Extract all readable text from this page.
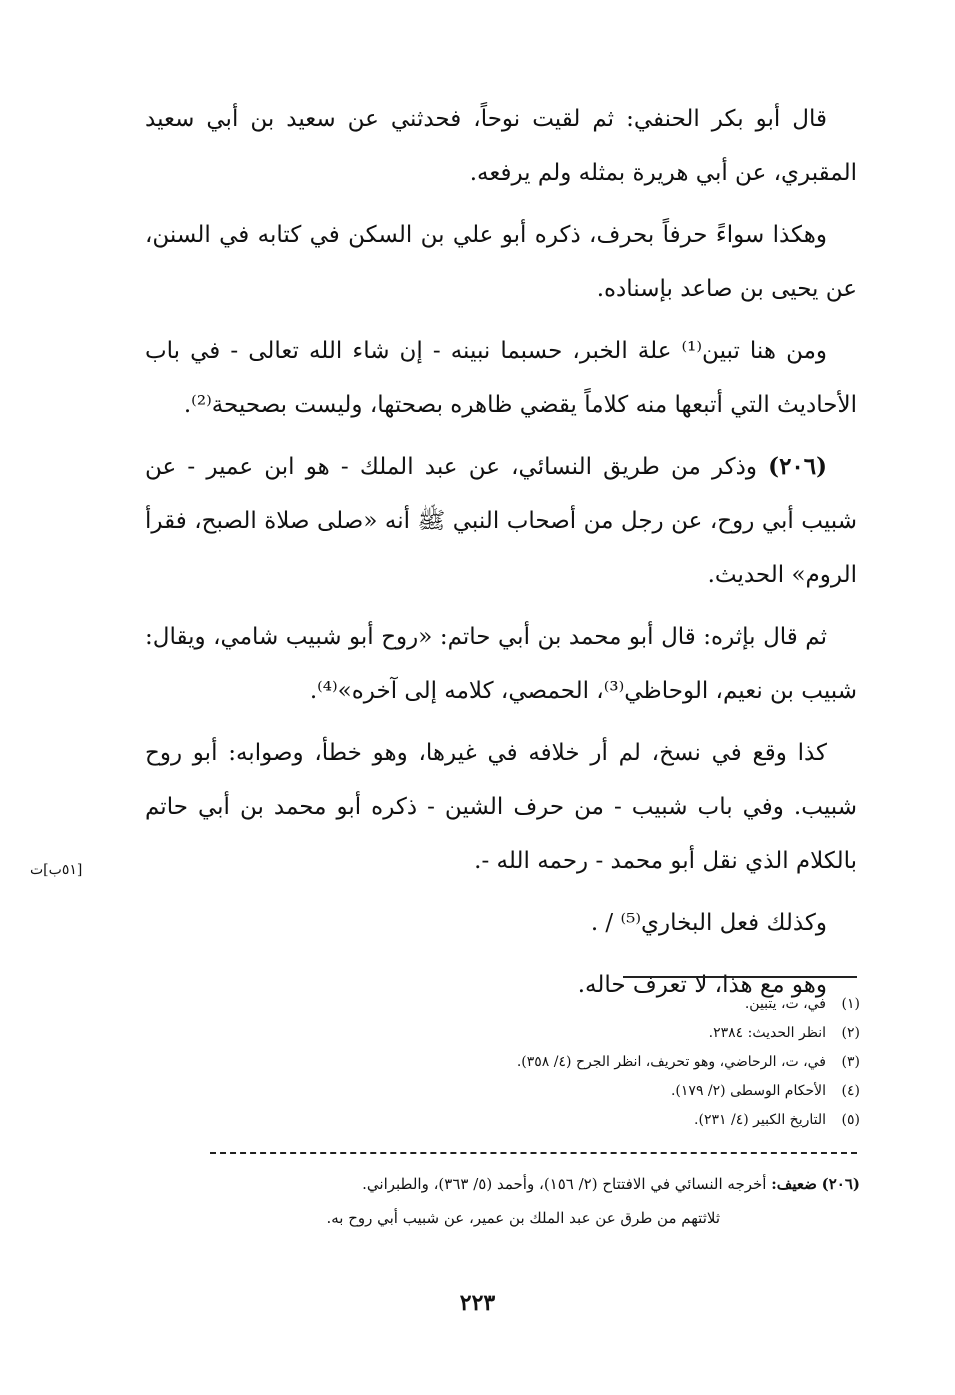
قال أبو بكر الحنفي: ثم لقيت نوحاً، فحدثني عن سعيد بن أبي سعيد المقبري، عن أبي هريرة بمثله ولم يرفعه.

وهكذا سواءً حرفاً بحرف، ذكره أبو علي بن السكن في كتابه في السنن، عن يحيى بن صاعد بإسناده.

ومن هنا تبين⁽¹⁾ علة الخبر، حسبما نبينه - إن شاء الله تعالى - في باب الأحاديث التي أتبعها منه كلاماً يقضي ظاهره بصحتها، وليست بصحيحة⁽²⁾.

(٢٠٦) وذكر من طريق النسائي، عن عبد الملك - هو ابن عمير - عن شبيب أبي روح، عن رجل من أصحاب النبي ﷺ أنه «صلى صلاة الصبح، فقرأ الروم» الحديث.

ثم قال بإثره: قال أبو محمد بن أبي حاتم: «روح أبو شبيب شامي، ويقال: شبيب بن نعيم، الوحاظي⁽³⁾، الحمصي، كلامه إلى آخره»⁽⁴⁾.

كذا وقع في نسخ، لم أر خلافه في غيرها، وهو خطأ، وصوابه: أبو روح شبيب. وفي باب شبيب - من حرف الشين - ذكره أبو محمد بن أبي حاتم بالكلام الذي نقل أبو محمد - رحمه الله -.

وكذلك فعل البخاري⁽⁵⁾ / .

وهو مع هذا، لا تعرف حاله.

[٥١ب]ت

(١)في، ت، يتبين.

(٢)انظر الحديث: ٢٣٨٤.

(٣)في، ت، الرحاضي، وهو تحريف، انظر الجرح (٤/ ٣٥٨).

(٤)الأحكام الوسطى (٢/ ١٧٩).

(٥)التاريخ الكبير (٤/ ٢٣١).

(٢٠٦) ضعيف: أخرجه النسائي في الافتتاح (٢/ ١٥٦)، وأحمد (٥/ ٣٦٣)، والطبراني.

ثلاثتهم من طرق عن عبد الملك بن عمير، عن شبيب أبي روح به.

٢٢٣
